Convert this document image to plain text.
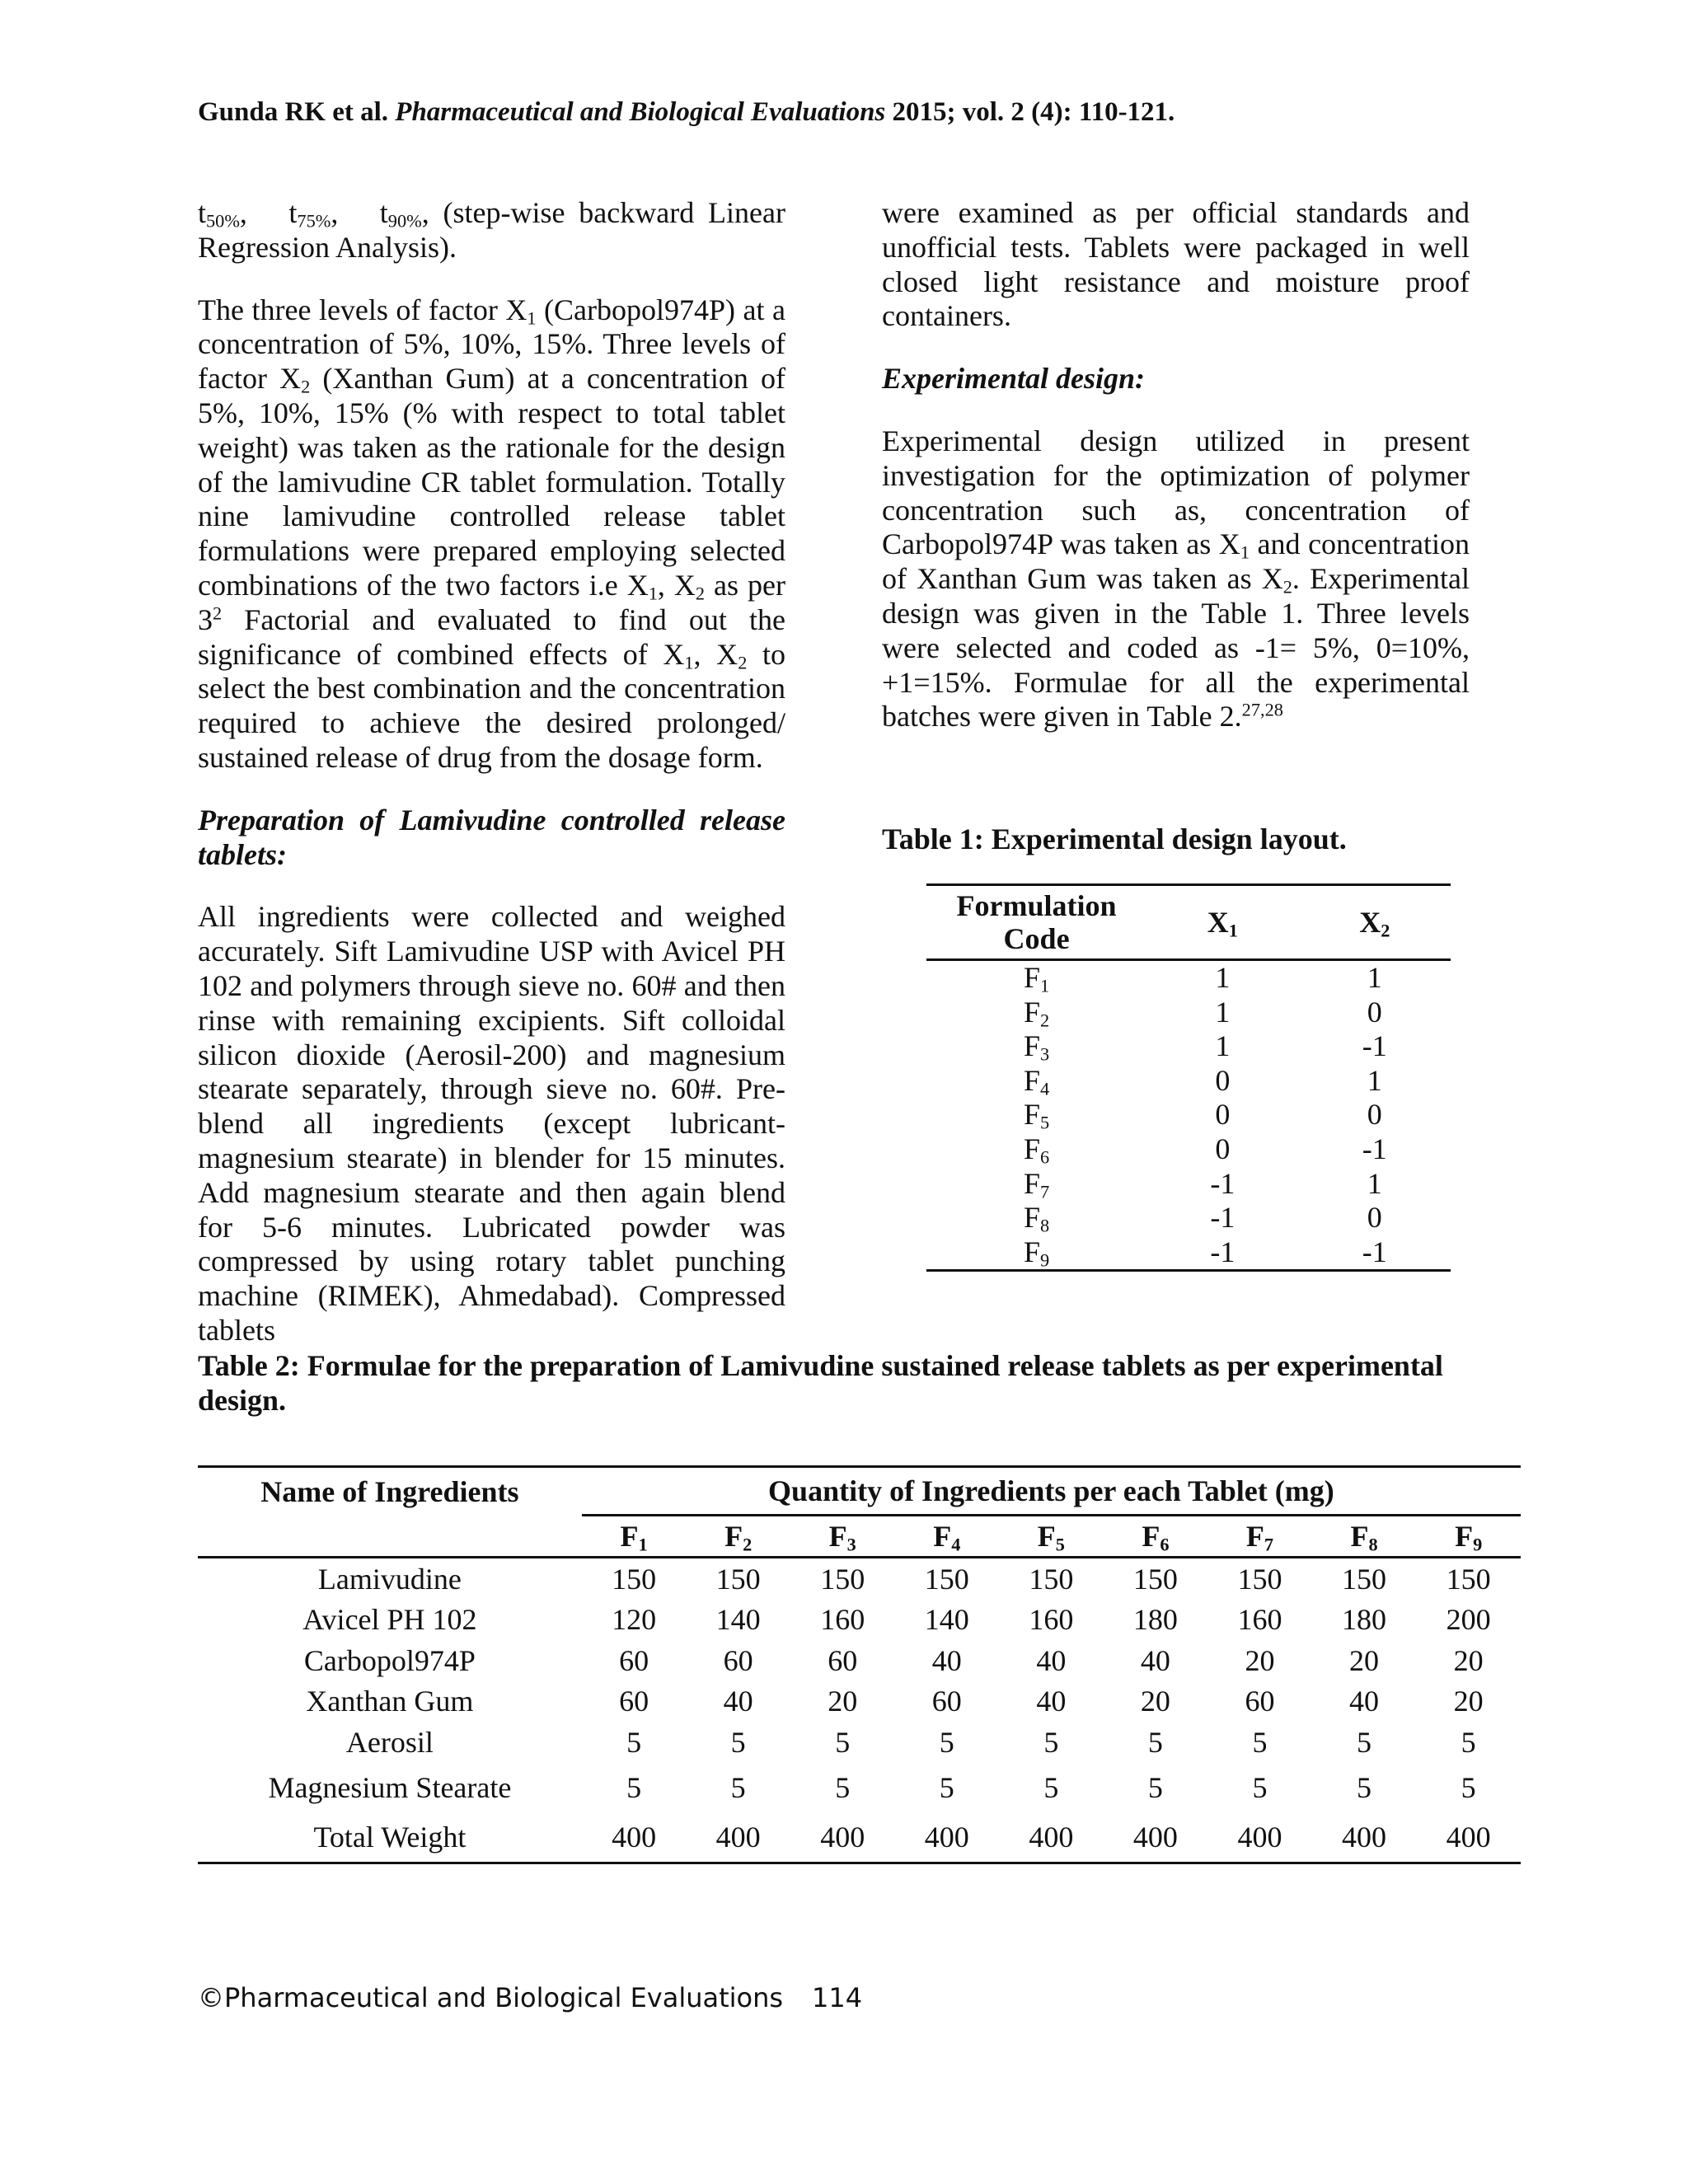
Gunda RK et al. Pharmaceutical and Biological Evaluations 2015; vol. 2 (4): 110-121.

$t_{50\%}$,   $t_{75\%}$,   $t_{90\%}$, (step-wise backward Linear Regression Analysis).

The three levels of factor $X_1$ (Carbopol974P) at a concentration of 5%, 10%, 15%. Three levels of factor $X_2$ (Xanthan Gum) at a concentration of 5%, 10%, 15% (% with respect to total tablet weight) was taken as the rationale for the design of the lamivudine CR tablet formulation. Totally nine lamivudine controlled release tablet formulations were prepared employing selected combinations of the two factors i.e $X_1$, $X_2$ as per $3^2$ Factorial and evaluated to find out the significance of combined effects of $X_1$, $X_2$ to select the best combination and the concentration required to achieve the desired prolonged/ sustained release of drug from the dosage form.

Preparation of Lamivudine controlled release tablets:

All ingredients were collected and weighed accurately. Sift Lamivudine USP with Avicel PH 102 and polymers through sieve no. 60# and then rinse with remaining excipients. Sift colloidal silicon dioxide (Aerosil-200) and magnesium stearate separately, through sieve no. 60#. Pre-blend all ingredients (except lubricant-magnesium stearate) in blender for 15 minutes. Add magnesium stearate and then again blend for 5-6 minutes. Lubricated powder was compressed by using rotary tablet punching machine (RIMEK), Ahmedabad). Compressed tablets

were examined as per official standards and unofficial tests. Tablets were packaged in well closed light resistance and moisture proof containers.

Experimental design:

Experimental design utilized in present investigation for the optimization of polymer concentration such as, concentration of Carbopol974P was taken as $X_1$ and concentration of Xanthan Gum was taken as $X_2$. Experimental design was given in the Table 1. Three levels were selected and coded as -1= 5%, 0=10%, +1=15%. Formulae for all the experimental batches were given in Table 2.$^{27,28}$

Table 1: Experimental design layout.
Formulation Code	$X_1$	$X_2$
$F_1$	1	1
$F_2$	1	0
$F_3$	1	-1
$F_4$	0	1
$F_5$	0	0
$F_6$	0	-1
$F_7$	-1	1
$F_8$	-1	0
$F_9$	-1	-1
Table 2: Formulae for the preparation of Lamivudine sustained release tablets as per experimental design.
Name of Ingredients	Quantity of Ingredients per each Tablet (mg)								
	$F_1$	$F_2$	$F_3$	$F_4$	$F_5$	$F_6$	$F_7$	$F_8$	$F_9$
Lamivudine	150	150	150	150	150	150	150	150	150
Avicel PH 102	120	140	160	140	160	180	160	180	200
Carbopol974P	60	60	60	40	40	40	20	20	20
Xanthan Gum	60	40	20	60	40	20	60	40	20
Aerosil	5	5	5	5	5	5	5	5	5
Magnesium Stearate	5	5	5	5	5	5	5	5	5
Total Weight	400	400	400	400	400	400	400	400	400
©Pharmaceutical and Biological Evaluations 114
